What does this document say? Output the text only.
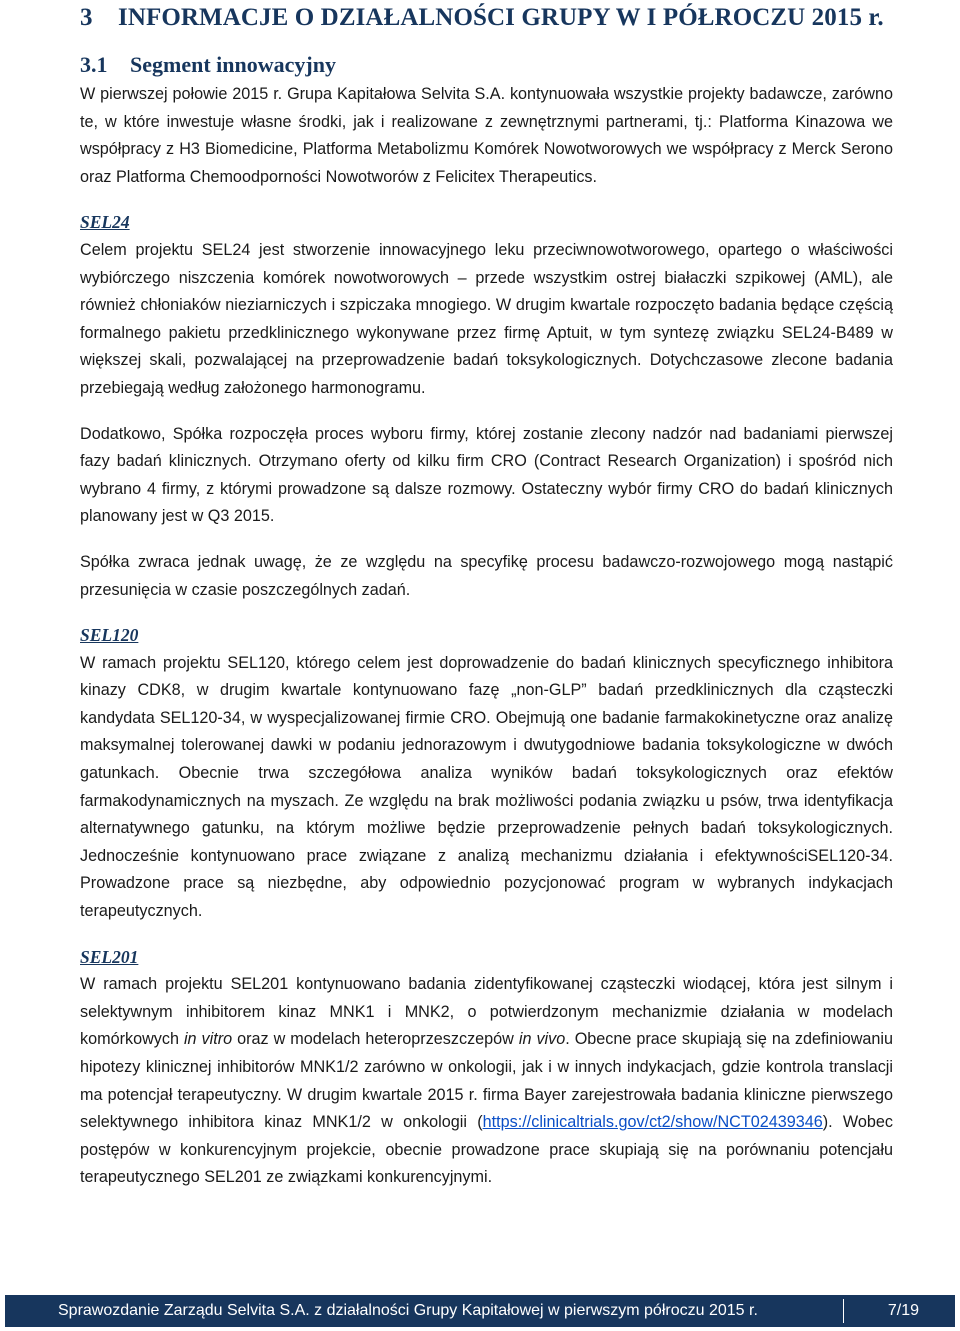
3 INFORMACJE O DZIAŁALNOŚCI GRUPY W I PÓŁROCZU 2015 r.
3.1 Segment innowacyjny

W pierwszej połowie 2015 r. Grupa Kapitałowa Selvita S.A. kontynuowała wszystkie projekty badawcze, zarówno te, w które inwestuje własne środki, jak i realizowane z zewnętrznymi partnerami, tj.: Platforma Kinazowa we współpracy z H3 Biomedicine, Platforma Metabolizmu Komórek Nowotworowych we współpracy z Merck Serono oraz Platforma Chemoodporności Nowotworów z Felicitex Therapeutics.

SEL24

Celem projektu SEL24 jest stworzenie innowacyjnego leku przeciwnowotworowego, opartego o właściwości wybiórczego niszczenia komórek nowotworowych – przede wszystkim ostrej białaczki szpikowej (AML), ale również chłoniaków nieziarniczych i szpiczaka mnogiego. W drugim kwartale rozpoczęto badania będące częścią formalnego pakietu przedklinicznego wykonywane przez firmę Aptuit, w tym syntezę związku SEL24-B489 w większej skali, pozwalającej na przeprowadzenie badań toksykologicznych. Dotychczasowe zlecone badania przebiegają według założonego harmonogramu.

Dodatkowo, Spółka rozpoczęła proces wyboru firmy, której zostanie zlecony nadzór nad badaniami pierwszej fazy badań klinicznych. Otrzymano oferty od kilku firm CRO (Contract Research Organization) i spośród nich wybrano 4 firmy, z którymi prowadzone są dalsze rozmowy. Ostateczny wybór firmy CRO do badań klinicznych planowany jest w Q3 2015.

Spółka zwraca jednak uwagę, że ze względu na specyfikę procesu badawczo-rozwojowego mogą nastąpić przesunięcia w czasie poszczególnych zadań.

SEL120

W ramach projektu SEL120, którego celem jest doprowadzenie do badań klinicznych specyficznego inhibitora kinazy CDK8, w drugim kwartale kontynuowano fazę „non-GLP” badań przedklinicznych dla cząsteczki kandydata SEL120-34, w wyspecjalizowanej firmie CRO. Obejmują one badanie farmakokinetyczne oraz analizę maksymalnej tolerowanej dawki w podaniu jednorazowym i dwutygodniowe badania toksykologiczne w dwóch gatunkach. Obecnie trwa szczegółowa analiza wyników badań toksykologicznych oraz efektów farmakodynamicznych na myszach. Ze względu na brak możliwości podania związku u psów, trwa identyfikacja alternatywnego gatunku, na którym możliwe będzie przeprowadzenie pełnych badań toksykologicznych. Jednocześnie kontynuowano prace związane z analizą mechanizmu działania i efektywnościSEL120-34. Prowadzone prace są niezbędne, aby odpowiednio pozycjonować program w wybranych indykacjach terapeutycznych.

SEL201

W ramach projektu SEL201 kontynuowano badania zidentyfikowanej cząsteczki wiodącej, która jest silnym i selektywnym inhibitorem kinaz MNK1 i MNK2, o potwierdzonym mechanizmie działania w modelach komórkowych in vitro oraz w modelach heteroprzeszczepów in vivo. Obecne prace skupiają się na zdefiniowaniu hipotezy klinicznej inhibitorów MNK1/2 zarówno w onkologii, jak i w innych indykacjach, gdzie kontrola translacji ma potencjał terapeutyczny. W drugim kwartale 2015 r. firma Bayer zarejestrowała badania kliniczne pierwszego selektywnego inhibitora kinaz MNK1/2 w onkologii (https://clinicaltrials.gov/ct2/show/NCT02439346). Wobec postępów w konkurencyjnym projekcie, obecnie prowadzone prace skupiają się na porównaniu potencjału terapeutycznego SEL201 ze związkami konkurencyjnymi.

Sprawozdanie Zarządu Selvita S.A. z działalności Grupy Kapitałowej w pierwszym półroczu 2015 r.	7/19
